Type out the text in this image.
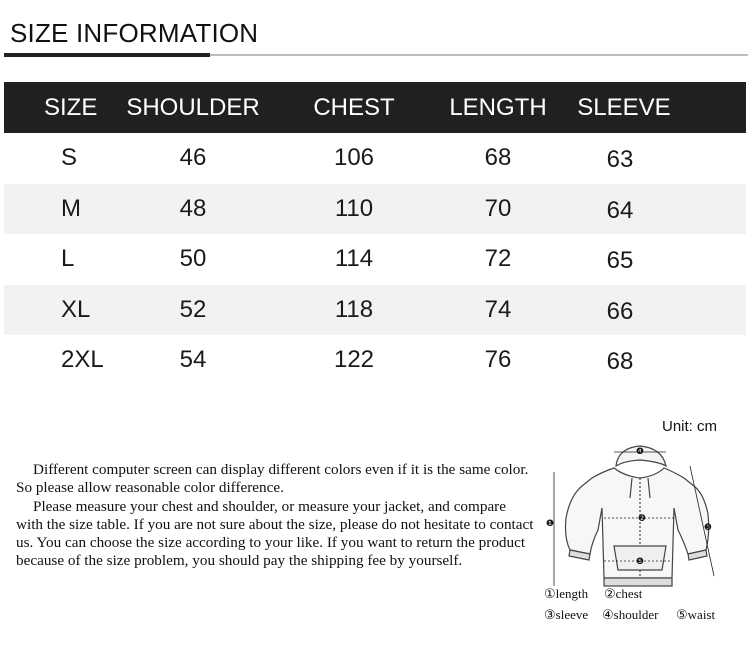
SIZE INFORMATION
SIZE	SHOULDER	CHEST	LENGTH	SLEEVE
S	46	106	68	63
M	48	110	70	64
L	50	114	72	65
XL	52	118	74	66
2XL	54	122	76	68
Unit: cm

Different computer screen can display different colors even if it is the same color. So please allow reasonable color difference.

Please measure your chest and shoulder, or measure your jacket, and compare with the size table. If you are not sure about the size, please do not hesitate to contact us. You can choose the size according to your like. If you want to return the product because of the size problem, you should pay the shipping fee by yourself.

❶	❷
❸
❹
❺
①length ②chest
③sleeve ④shoulder ⑤waist
